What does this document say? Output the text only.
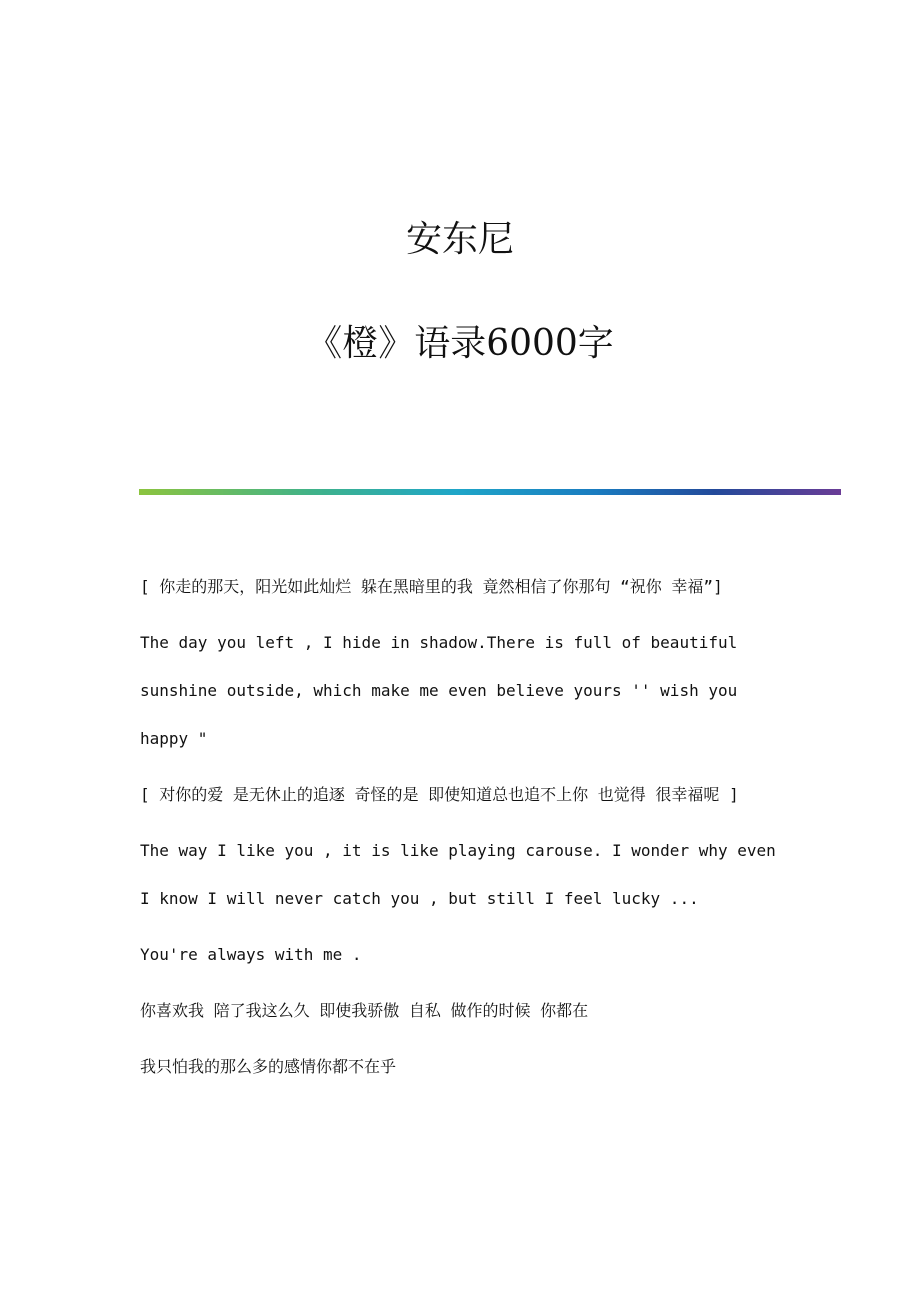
安东尼
《橙》语录6000字

[ 你走的那天，阳光如此灿烂 躲在黑暗里的我 竟然相信了你那句 “祝你 幸福”]

The day you left , I hide in shadow.There is full of beautiful sunshine outside, which make me even believe yours '' wish you happy "

[ 对你的爱 是无休止的追逐 奇怪的是 即使知道总也追不上你 也觉得 很幸福呢 ]

The way I like you , it is like playing carouse. I wonder why even I know I will never catch you , but still I feel lucky ...

You're always with me .

你喜欢我 陪了我这么久 即使我骄傲 自私 做作的时候 你都在

我只怕我的那么多的感情你都不在乎
